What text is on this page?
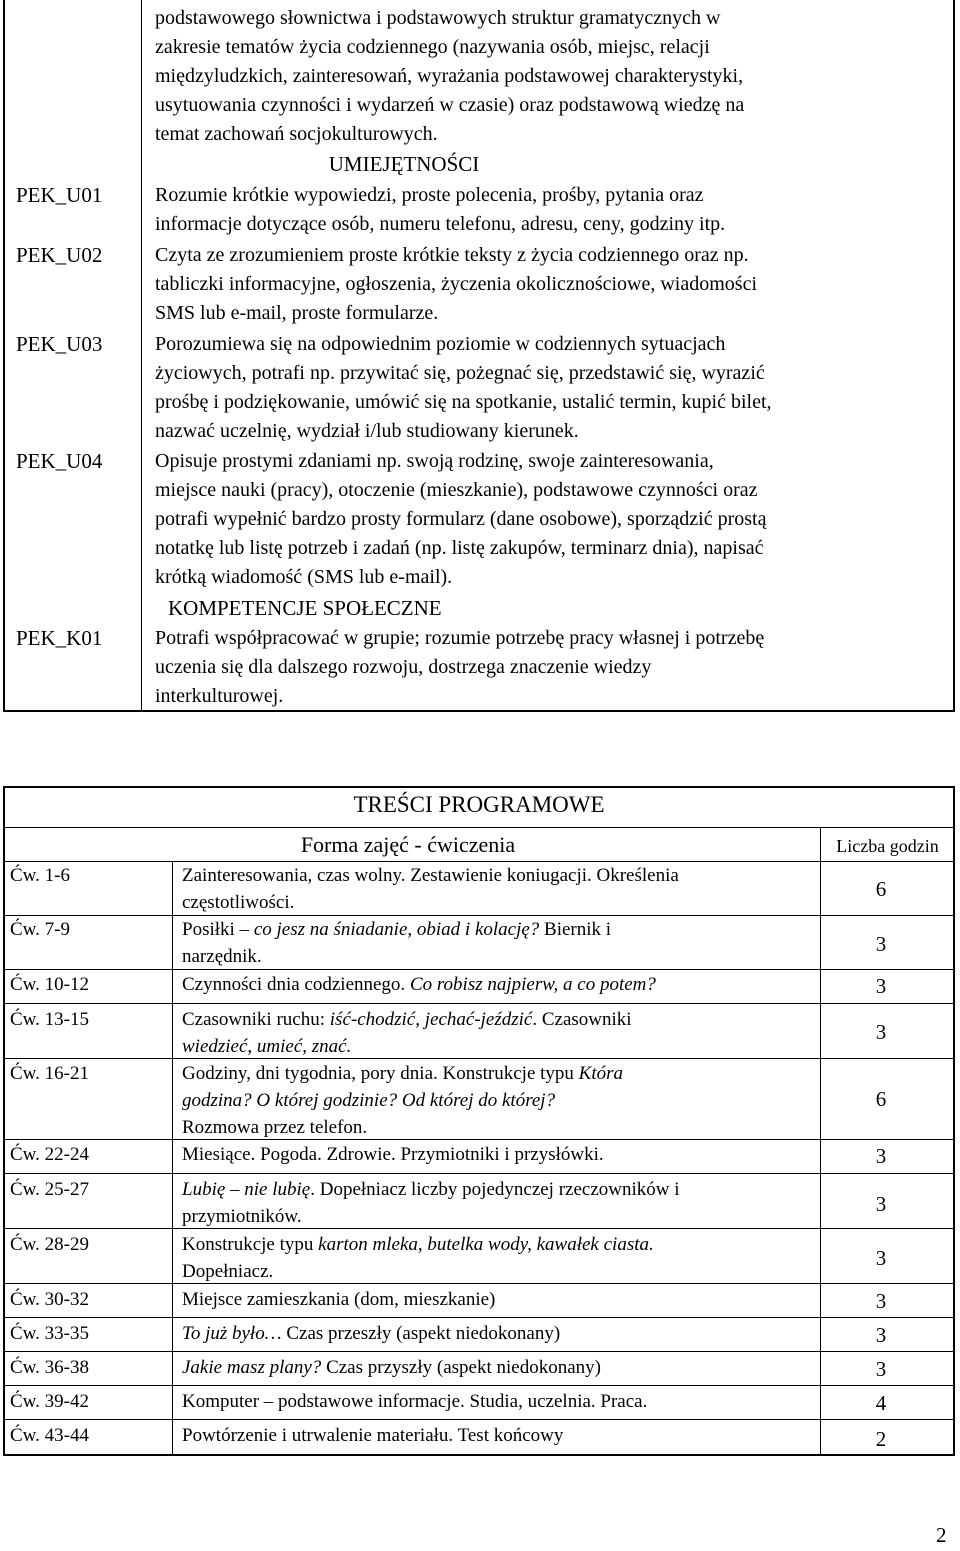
podstawowego słownictwa i podstawowych struktur gramatycznych w
zakresie tematów życia codziennego (nazywania osób, miejsc, relacji
międzyludzkich, zainteresowań, wyrażania podstawowej charakterystyki,
usytuowania czynności i wydarzeń w czasie) oraz podstawową wiedzę na
temat zachowań socjokulturowych.
UMIEJĘTNOŚCI
PEK_U01	Rozumie krótkie wypowiedzi, proste polecenia, prośby, pytania oraz
informacje dotyczące osób, numeru telefonu, adresu, ceny, godziny itp.
PEK_U02	Czyta ze zrozumieniem proste krótkie teksty z życia codziennego oraz np.
tabliczki informacyjne, ogłoszenia, życzenia okolicznościowe, wiadomości
SMS lub e-mail, proste formularze.
PEK_U03	Porozumiewa się na odpowiednim poziomie w codziennych sytuacjach
życiowych, potrafi np. przywitać się, pożegnać się, przedstawić się, wyrazić
prośbę i podziękowanie, umówić się na spotkanie, ustalić termin, kupić bilet,
nazwać uczelnię, wydział i/lub studiowany kierunek.
PEK_U04	Opisuje prostymi zdaniami np. swoją rodzinę, swoje zainteresowania,
miejsce nauki (pracy), otoczenie (mieszkanie), podstawowe czynności oraz
potrafi wypełnić bardzo prosty formularz (dane osobowe), sporządzić prostą
notatkę lub listę potrzeb i zadań (np. listę zakupów, terminarz dnia), napisać
krótką wiadomość (SMS lub e-mail).
KOMPETENCJE SPOŁECZNE
PEK_K01	Potrafi współpracować w grupie; rozumie potrzebę pracy własnej i potrzebę
uczenia się dla dalszego rozwoju, dostrzega znaczenie wiedzy
interkulturowej.
TREŚCI PROGRAMOWE
Forma zajęć - ćwiczenia	Liczba godzin
Ćw. 1-6	Zainteresowania, czas wolny. Zestawienie koniugacji. Określenia
częstotliwości.
6
Ćw. 7-9	Posiłki – co jesz na śniadanie, obiad i kolację? Biernik i
narzędnik.
3
Ćw. 10-12	Czynności dnia codziennego. Co robisz najpierw, a co potem?	3
Ćw. 13-15	Czasowniki ruchu: iść-chodzić, jechać-jeździć. Czasowniki
wiedzieć, umieć, znać.
3
Ćw. 16-21	Godziny, dni tygodnia, pory dnia. Konstrukcje typu Która
godzina? O której godzinie? Od której do której?
Rozmowa przez telefon.
6
Ćw. 22-24	Miesiące. Pogoda. Zdrowie. Przymiotniki i przysłówki.	3
Ćw. 25-27	Lubię – nie lubię. Dopełniacz liczby pojedynczej rzeczowników i
przymiotników.
3
Ćw. 28-29	Konstrukcje typu karton mleka, butelka wody, kawałek ciasta.
Dopełniacz.
3
Ćw. 30-32	Miejsce zamieszkania (dom, mieszkanie)	3
Ćw. 33-35	To już było… Czas przeszły (aspekt niedokonany)	3
Ćw. 36-38	Jakie masz plany? Czas przyszły (aspekt niedokonany)	3
Ćw. 39-42	Komputer – podstawowe informacje. Studia, uczelnia. Praca.	4
Ćw. 43-44	Powtórzenie i utrwalenie materiału. Test końcowy	2
2
